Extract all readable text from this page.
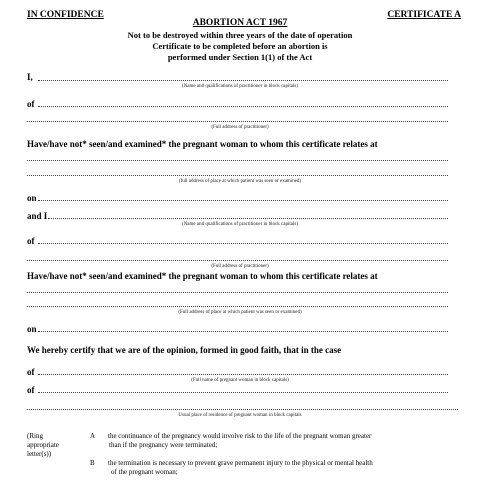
IN CONFIDENCE	CERTIFICATE A
ABORTION ACT 1967
Not to be destroyed within three years of the date of operation
Certificate to be completed before an abortion is
performed under Section 1(1) of the Act
I,
(Name and qualifications of practitioner in block capitals)
of
(Full address of practitioner)
Have/have not* seen/and examined* the pregnant woman to whom this certificate relates at
(full address of place at which patient was seen or examined)
on
and I
(Name and qualifications of practitioner in block capitals)
of
(Full address of practitioner)
Have/have not* seen/and examined* the pregnant woman to whom this certificate relates at
(Full address of place at which patient was seen or examined)
on
We hereby certify that we are of the opinion, formed in good faith, that in the case
of
(Full name of pregnant woman in block capitals)
of
Usual place of residence of pregnant woman in block capitals
(Ring
appropriate
letter(s))
A the continuance of the pregnancy would involve risk to the life of the pregnant woman greater
than if the pregnancy were terminated;
B the termination is necessary to prevent grave permanent injury to the physical or mental health
of the pregnant woman;
